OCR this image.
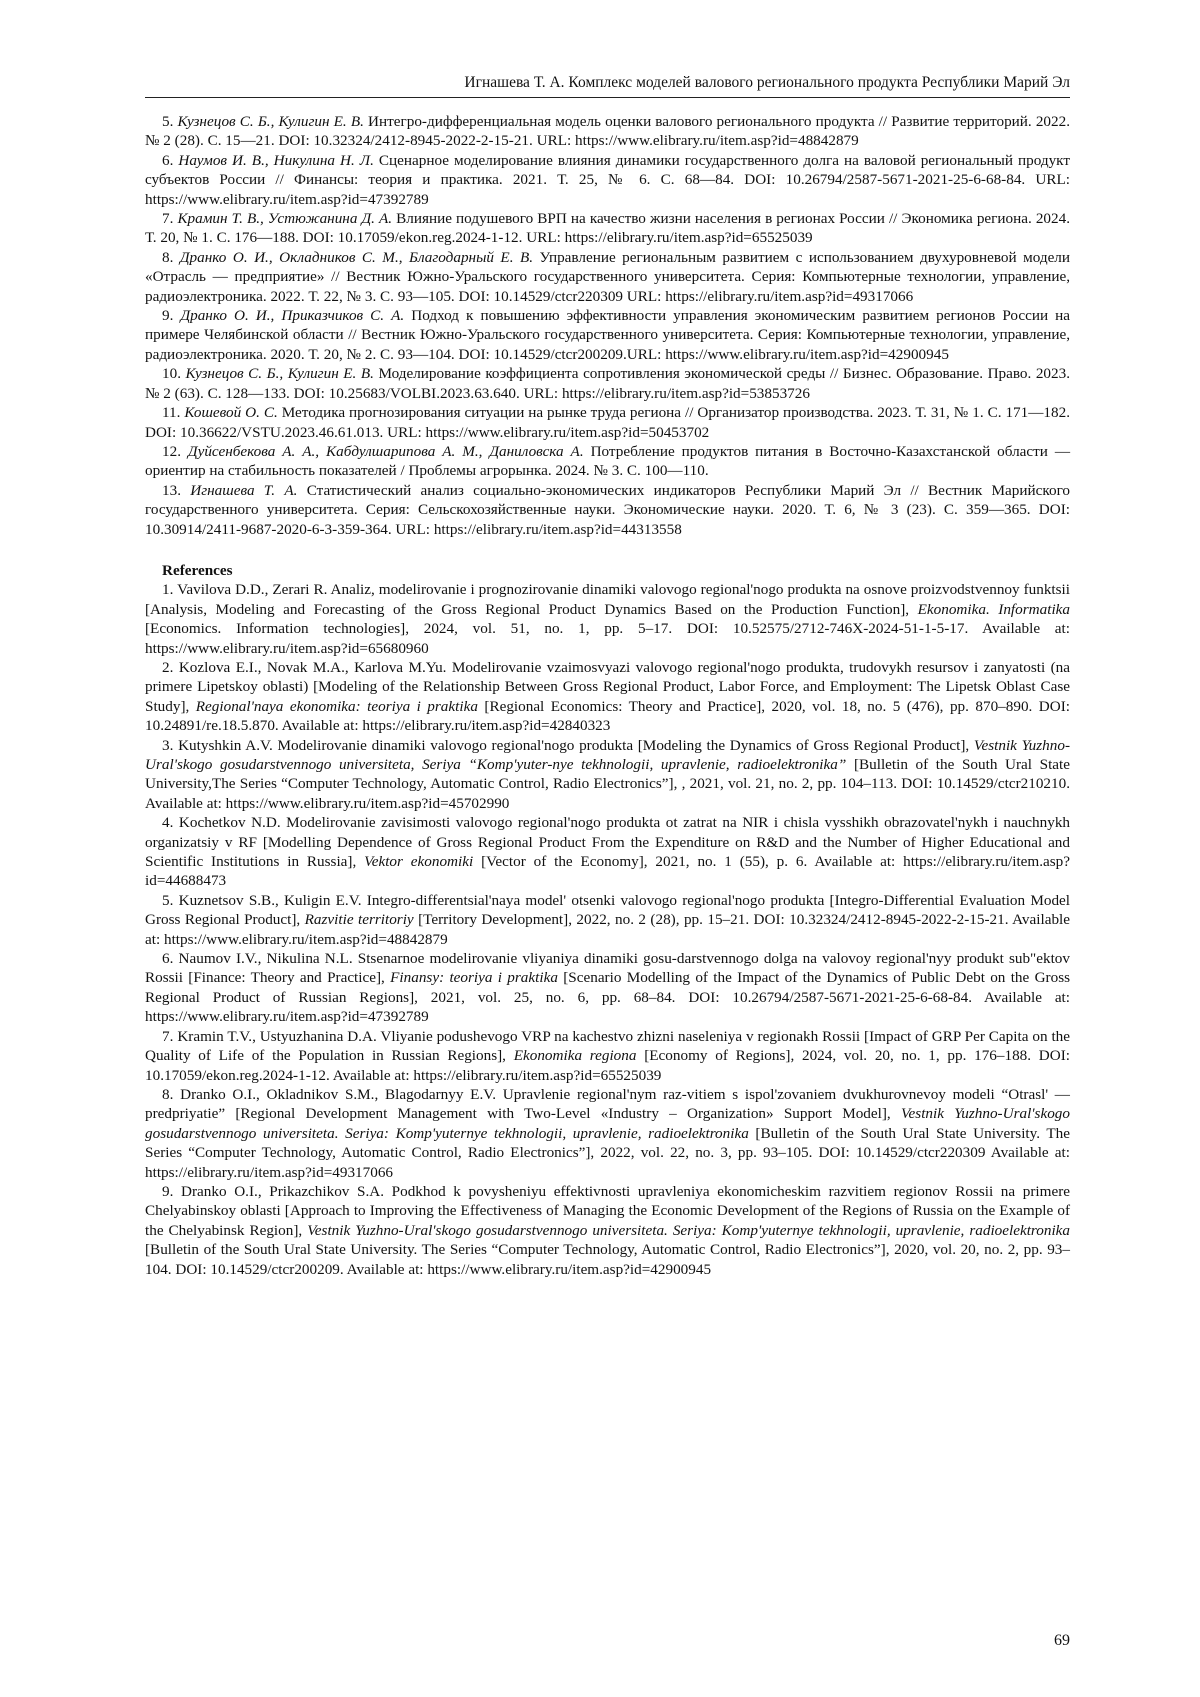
Игнашева Т. А. Комплекс моделей валового регионального продукта Республики Марий Эл

5. Кузнецов С. Б., Кулигин Е. В. Интегро-дифференциальная модель оценки валового регионального продукта // Развитие территорий. 2022. № 2 (28). С. 15—21. DOI: 10.32324/2412-8945-2022-2-15-21. URL: https://www.elibrary.ru/item.asp?id=48842879

6. Наумов И. В., Никулина Н. Л. Сценарное моделирование влияния динамики государственного долга на валовой региональный продукт субъектов России // Финансы: теория и практика. 2021. Т. 25, № 6. С. 68—84. DOI: 10.26794/2587-5671-2021-25-6-68-84. URL: https://www.elibrary.ru/item.asp?id=47392789

7. Крамин Т. В., Устюжанина Д. А. Влияние подушевого ВРП на качество жизни населения в регионах России // Экономика региона. 2024. Т. 20, № 1. С. 176—188. DOI: 10.17059/ekon.reg.2024-1-12. URL: https://elibrary.ru/item.asp?id=65525039

8. Дранко О. И., Окладников С. М., Благодарный Е. В. Управление региональным развитием с использованием двухуровневой модели «Отрасль — предприятие» // Вестник Южно-Уральского государственного университета. Серия: Компьютерные технологии, управление, радиоэлектроника. 2022. Т. 22, № 3. С. 93—105. DOI: 10.14529/ctcr220309 URL: https://elibrary.ru/item.asp?id=49317066

9. Дранко О. И., Приказчиков С. А. Подход к повышению эффективности управления экономическим развитием регионов России на примере Челябинской области // Вестник Южно-Уральского государственного университета. Серия: Компьютерные технологии, управление, радиоэлектроника. 2020. Т. 20, № 2. С. 93—104. DOI: 10.14529/ctcr200209.URL: https://www.elibrary.ru/item.asp?id=42900945

10. Кузнецов С. Б., Кулигин Е. В. Моделирование коэффициента сопротивления экономической среды // Бизнес. Образование. Право. 2023. № 2 (63). С. 128—133. DOI: 10.25683/VOLBI.2023.63.640. URL: https://elibrary.ru/item.asp?id=53853726

11. Кошевой О. С. Методика прогнозирования ситуации на рынке труда региона // Организатор производства. 2023. Т. 31, № 1. С. 171—182. DOI: 10.36622/VSTU.2023.46.61.013. URL: https://www.elibrary.ru/item.asp?id=50453702

12. Дуйсенбекова А. А., Кабдулшарипова А. М., Даниловска А. Потребление продуктов питания в Восточно-Казахстанской области — ориентир на стабильность показателей / Проблемы агрорынка. 2024. № 3. С. 100—110.

13. Игнашева Т. А. Статистический анализ социально-экономических индикаторов Республики Марий Эл // Вестник Марийского государственного университета. Серия: Сельскохозяйственные науки. Экономические науки. 2020. Т. 6, № 3 (23). С. 359—365. DOI: 10.30914/2411-9687-2020-6-3-359-364. URL: https://elibrary.ru/item.asp?id=44313558

References

1. Vavilova D.D., Zerari R. Analiz, modelirovanie i prognozirovanie dinamiki valovogo regional'nogo produkta na osnove proizvodstvennoy funktsii [Analysis, Modeling and Forecasting of the Gross Regional Product Dynamics Based on the Production Function], Ekonomika. Informatika [Economics. Information technologies], 2024, vol. 51, no. 1, pp. 5–17. DOI: 10.52575/2712-746X-2024-51-1-5-17. Available at: https://www.elibrary.ru/item.asp?id=65680960

2. Kozlova E.I., Novak M.A., Karlova M.Yu. Modelirovanie vzaimosvyazi valovogo regional'nogo produkta, trudovykh resursov i zanyatosti (na primere Lipetskoy oblasti) [Modeling of the Relationship Between Gross Regional Product, Labor Force, and Employment: The Lipetsk Oblast Case Study], Regional'naya ekonomika: teoriya i praktika [Regional Economics: Theory and Practice], 2020, vol. 18, no. 5 (476), pp. 870–890. DOI: 10.24891/re.18.5.870. Available at: https://elibrary.ru/item.asp?id=42840323

3. Kutyshkin A.V. Modelirovanie dinamiki valovogo regional'nogo produkta [Modeling the Dynamics of Gross Regional Product], Vestnik Yuzhno-Ural'skogo gosudarstvennogo universiteta, Seriya “Komp'yuter-nye tekhnologii, upravlenie, radioelektronika” [Bulletin of the South Ural State University,The Series “Computer Technology, Automatic Control, Radio Electronics”], , 2021, vol. 21, no. 2, pp. 104–113. DOI: 10.14529/ctcr210210. Available at: https://www.elibrary.ru/item.asp?id=45702990

4. Kochetkov N.D. Modelirovanie zavisimosti valovogo regional'nogo produkta ot zatrat na NIR i chisla vysshikh obrazovatel'nykh i nauchnykh organizatsiy v RF [Modelling Dependence of Gross Regional Product From the Expenditure on R&D and the Number of Higher Educational and Scientific Institutions in Russia], Vektor ekonomiki [Vector of the Economy], 2021, no. 1 (55), p. 6. Available at: https://elibrary.ru/item.asp?id=44688473

5. Kuznetsov S.B., Kuligin E.V. Integro-differentsial'naya model' otsenki valovogo regional'nogo produkta [Integro-Differential Evaluation Model Gross Regional Product], Razvitie territoriy [Territory Development], 2022, no. 2 (28), pp. 15–21. DOI: 10.32324/2412-8945-2022-2-15-21. Available at: https://www.elibrary.ru/item.asp?id=48842879

6. Naumov I.V., Nikulina N.L. Stsenarnoe modelirovanie vliyaniya dinamiki gosu-darstvennogo dolga na valovoy regional'nyy produkt sub"ektov Rossii [Finance: Theory and Practice], Finansy: teoriya i praktika [Scenario Modelling of the Impact of the Dynamics of Public Debt on the Gross Regional Product of Russian Regions], 2021, vol. 25, no. 6, pp. 68–84. DOI: 10.26794/2587-5671-2021-25-6-68-84. Available at: https://www.elibrary.ru/item.asp?id=47392789

7. Kramin T.V., Ustyuzhanina D.A. Vliyanie podushevogo VRP na kachestvo zhizni naseleniya v regionakh Rossii [Impact of GRP Per Capita on the Quality of Life of the Population in Russian Regions], Ekonomika regiona [Economy of Regions], 2024, vol. 20, no. 1, pp. 176–188. DOI: 10.17059/ekon.reg.2024-1-12. Available at: https://elibrary.ru/item.asp?id=65525039

8. Dranko O.I., Okladnikov S.M., Blagodarnyy E.V. Upravlenie regional'nym raz-vitiem s ispol'zovaniem dvukhurovnevoy modeli “Otrasl' — predpriyatie” [Regional Development Management with Two-Level «Industry – Organization» Support Model], Vestnik Yuzhno-Ural'skogo gosudarstvennogo universiteta. Seriya: Komp'yuternye tekhnologii, upravlenie, radioelektronika [Bulletin of the South Ural State University. The Series “Computer Technology, Automatic Control, Radio Electronics”], 2022, vol. 22, no. 3, pp. 93–105. DOI: 10.14529/ctcr220309 Available at: https://elibrary.ru/item.asp?id=49317066

9. Dranko O.I., Prikazchikov S.A. Podkhod k povysheniyu effektivnosti upravleniya ekonomicheskim razvitiem regionov Rossii na primere Chelyabinskoy oblasti [Approach to Improving the Effectiveness of Managing the Economic Development of the Regions of Russia on the Example of the Chelyabinsk Region], Vestnik Yuzhno-Ural'skogo gosudarstvennogo universiteta. Seriya: Komp'yuternye tekhnologii, upravlenie, radioelektronika [Bulletin of the South Ural State University. The Series “Computer Technology, Automatic Control, Radio Electronics”], 2020, vol. 20, no. 2, pp. 93–104. DOI: 10.14529/ctcr200209. Available at: https://www.elibrary.ru/item.asp?id=42900945

69
